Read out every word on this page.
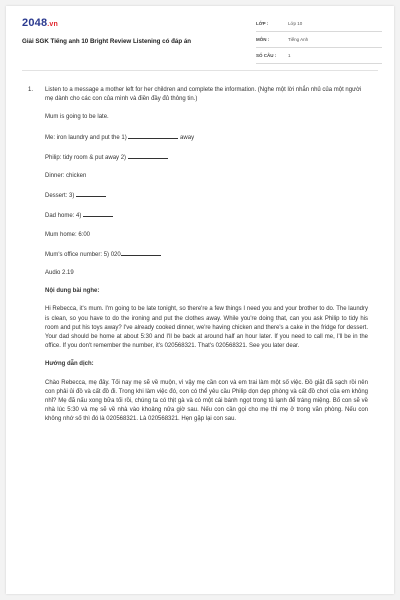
2048.vn
Giải SGK Tiếng anh 10 Bright Review Listening có đáp án
LỚP :	Lớp 10
MÔN :	Tiếng Anh
SỐ CÂU :	1
1. Listen to a message a mother left for her children and complete the information. (Nghe một lời nhắn nhủ của một người mẹ dành cho các con của mình và điền đầy đủ thông tin.)

Mum is going to be late.

Me: iron laundry and put the 1)	away

Philip: tidy room & put away 2)

Dinner: chicken

Dessert: 3)

Dad home: 4)

Mum home: 6:00

Mum's office number: 5) 020

Audio 2.19

Nội dung bài nghe:

Hi Rebecca, it's mum. I'm going to be late tonight, so there're a few things I need you and your brother to do. The laundry is clean, so you have to do the ironing and put the clothes away. While you're doing that, can you ask Philip to tidy his room and put his toys away? I've already cooked dinner, we're having chicken and there's a cake in the fridge for dessert. Your dad should be home at about 5:30 and I'll be back at around half an hour later. If you need to call me, I'll be in the office. If you don't remember the number, it's 020568321. That's 020568321. See you later dear.

Hướng dẫn dịch:

Chào Rebecca, mẹ đây. Tối nay mẹ sẽ về muộn, vì vậy mẹ cần con và em trai làm một số việc. Đồ giặt đã sạch rồi nên con phải ủi đồ và cất đồ đi. Trong khi làm việc đó, con có thể yêu cầu Philip dọn dẹp phòng và cất đồ chơi của em không nhỉ? Mẹ đã nấu xong bữa tối rồi, chúng ta có thịt gà và có một cái bánh ngọt trong tủ lạnh để tráng miệng. Bố con sẽ về nhà lúc 5:30 và mẹ sẽ về nhà vào khoảng nửa giờ sau. Nếu con cần gọi cho mẹ thì mẹ ở trong văn phòng. Nếu con không nhớ số thì đó là 020568321. Là 020568321. Hẹn gặp lại con sau.
